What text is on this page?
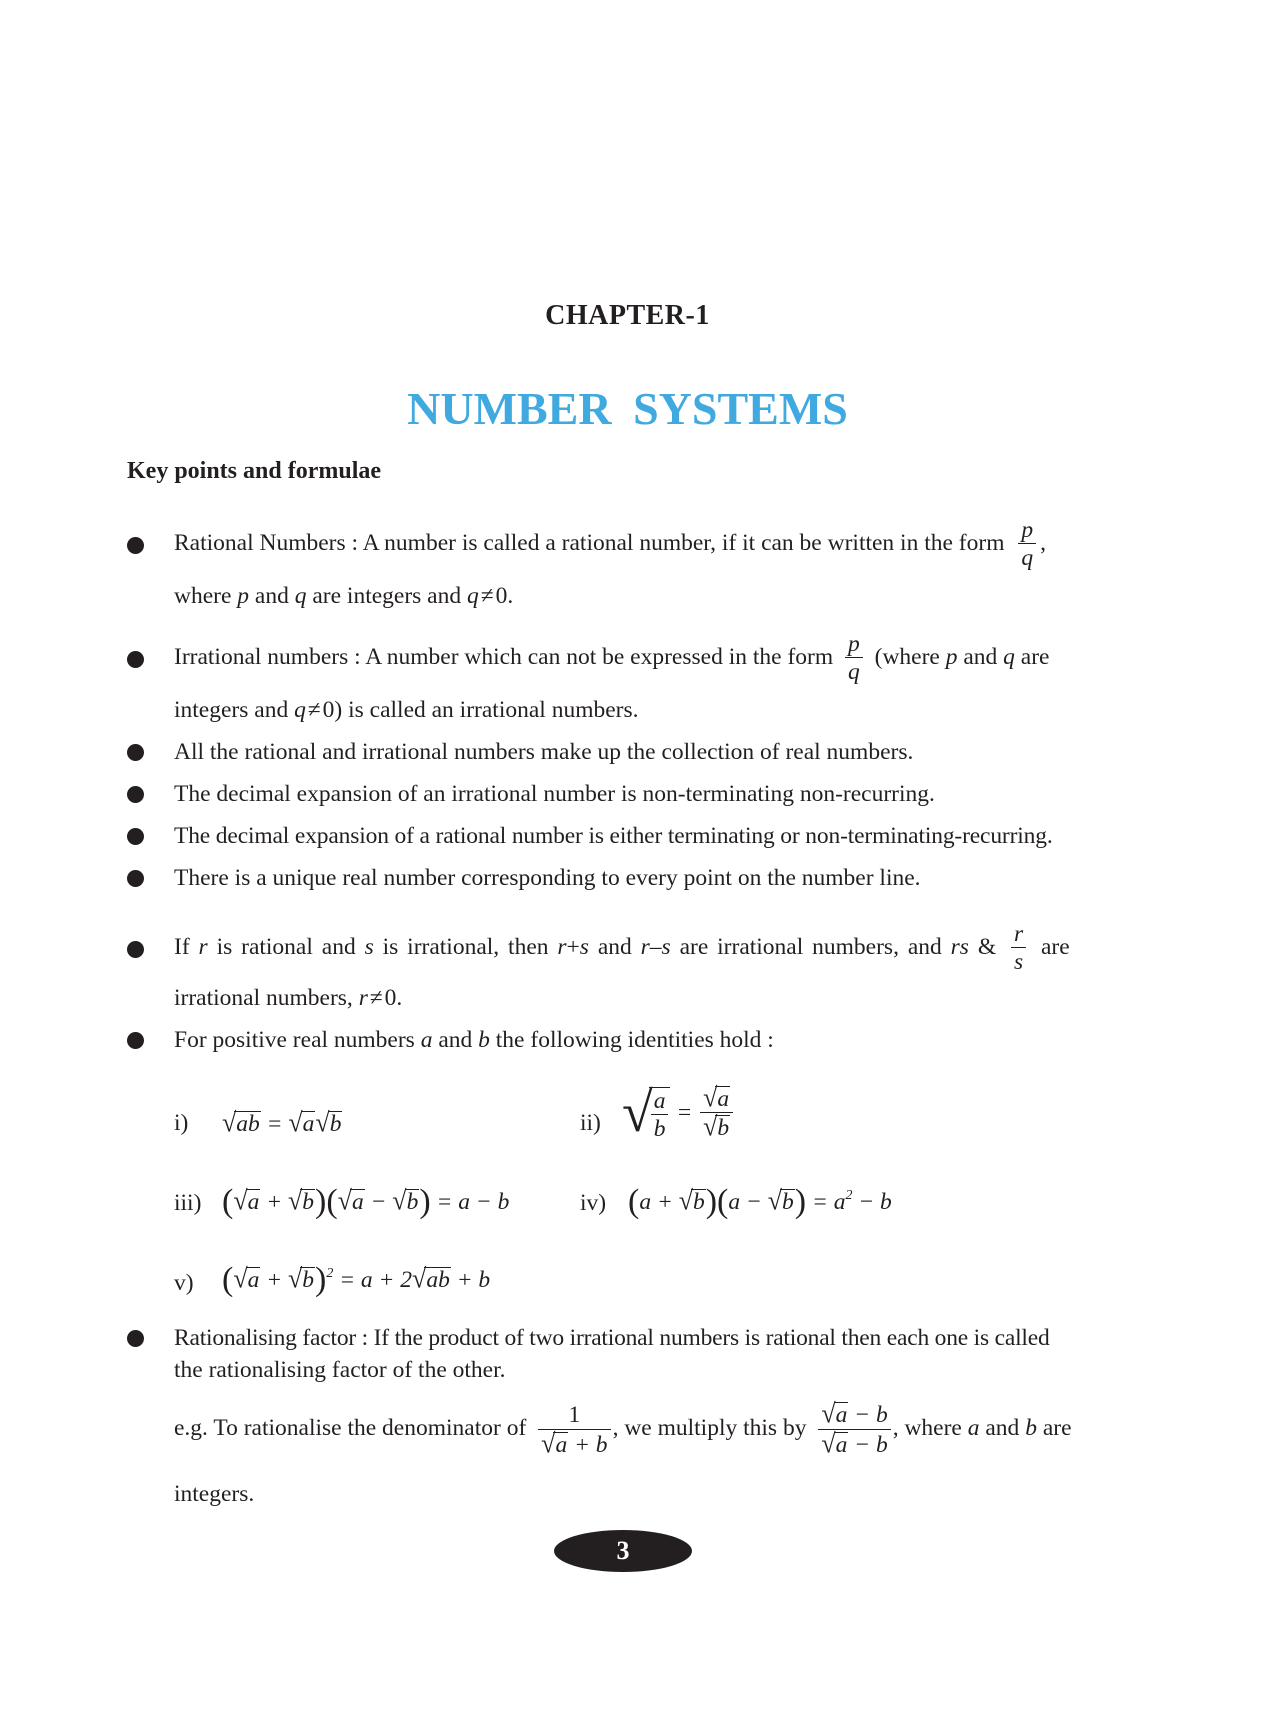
CHAPTER-1
NUMBER SYSTEMS
Key points and formulae
Rational Numbers : A number is called a rational number, if it can be written in the form $\frac{p}{q}$ ,
where p and q are integers and q ≠ 0.
Irrational numbers : A number which can not be expressed in the form $\frac{p}{q}$ (where p and q are
integers and q ≠ 0) is called an irrational numbers.
All the rational and irrational numbers make up the collection of real numbers.
The decimal expansion of an irrational number is non-terminating non-recurring.
The decimal expansion of a rational number is either terminating or non-terminating-recurring.
There is a unique real number corresponding to every point on the number line.
If r is rational and s is irrational, then r+s and r–s are irrational numbers, and rs & $\frac{r}{s}$ are
irrational numbers, r ≠ 0.
For positive real numbers a and b the following identities hold :
i) √ab = √a√b	ii) √
$\frac{a}{b} = \frac{√a}{√b}$
iii) (√a + √b)(√a − √b) = a − b	iv) $(a + √b)(a - √b) = a^2 - b$
v) $(√a + √b)^2 = a + 2√ab + b$
Rationalising factor : If the product of two irrational numbers is rational then each one is called
the rationalising factor of the other.
e.g. To rationalise the denominator of $\frac{1}{√a + b}$ , we multiply this by $\frac{√a - b}{√a - b}$ , where a and b are
integers.
3
